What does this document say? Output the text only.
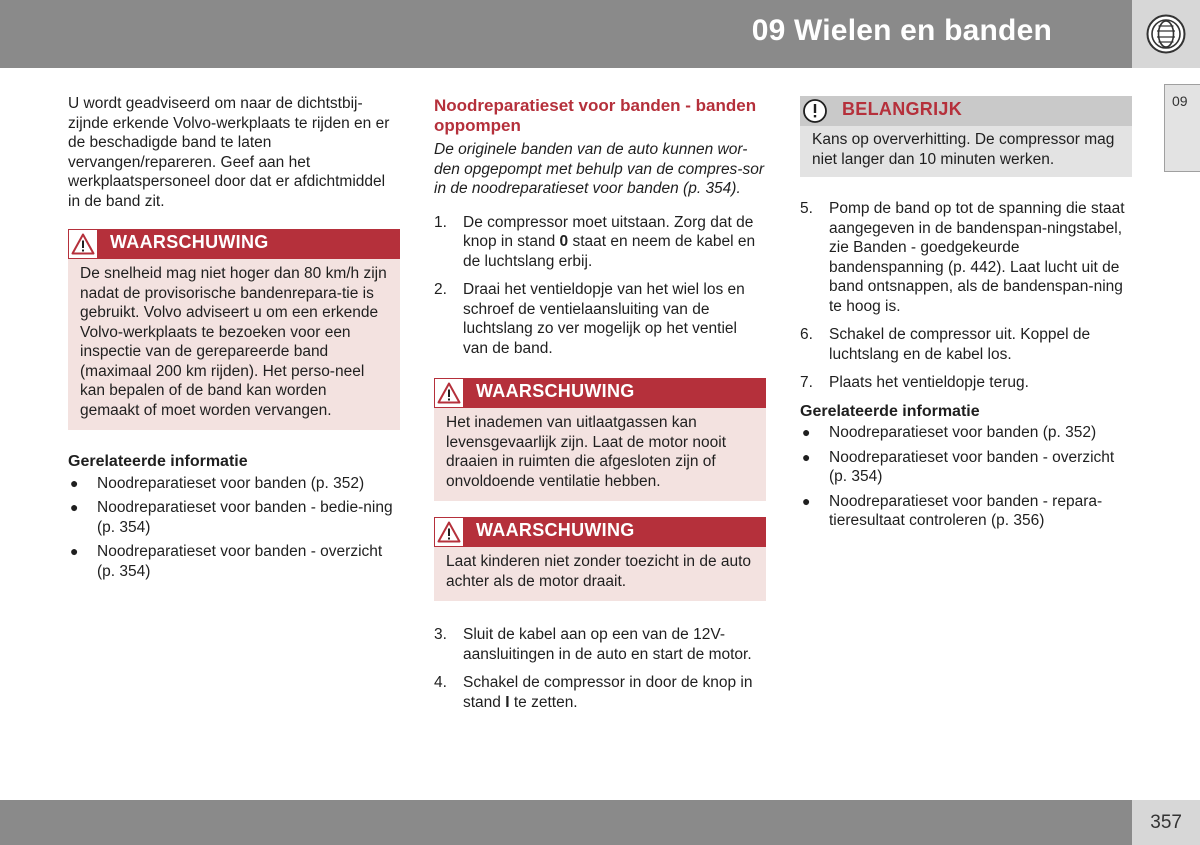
09 Wielen en banden
09

U wordt geadviseerd om naar de dichtstbij-zijnde erkende Volvo-werkplaats te rijden en er de beschadigde band te laten vervangen/repareren. Geef aan het werkplaatspersoneel door dat er afdichtmiddel in de band zit.

WAARSCHUWING
De snelheid mag niet hoger dan 80 km/h zijn nadat de provisorische bandenrepara-tie is gebruikt. Volvo adviseert u om een erkende Volvo-werkplaats te bezoeken voor een inspectie van de gerepareerde band (maximaal 200 km rijden). Het perso-neel kan bepalen of de band kan worden gemaakt of moet worden vervangen.
Gerelateerde informatie
● Noodreparatieset voor banden (p. 352)
● Noodreparatieset voor banden - bedie-ning (p. 354)
● Noodreparatieset voor banden - overzicht (p. 354)
Noodreparatieset voor banden - banden oppompen

De originele banden van de auto kunnen wor-den opgepompt met behulp van de compres-sor in de noodreparatieset voor banden (p. 354).

1. De compressor moet uitstaan. Zorg dat de knop in stand 0 staat en neem de kabel en de luchtslang erbij.
2. Draai het ventieldopje van het wiel los en schroef de ventielaansluiting van de luchtslang zo ver mogelijk op het ventiel van de band.
WAARSCHUWING
Het inademen van uitlaatgassen kan levensgevaarlijk zijn. Laat de motor nooit draaien in ruimten die afgesloten zijn of onvoldoende ventilatie hebben.
WAARSCHUWING
Laat kinderen niet zonder toezicht in de auto achter als de motor draait.
3. Sluit de kabel aan op een van de 12V-aansluitingen in de auto en start de motor.
4. Schakel de compressor in door de knop in stand I te zetten.
BELANGRIJK
Kans op oververhitting. De compressor mag niet langer dan 10 minuten werken.
5. Pomp de band op tot de spanning die staat aangegeven in de bandenspan-ningstabel, zie Banden - goedgekeurde bandenspanning (p. 442). Laat lucht uit de band ontsnappen, als de bandenspan-ning te hoog is.
6. Schakel de compressor uit. Koppel de luchtslang en de kabel los.
7. Plaats het ventieldopje terug.
Gerelateerde informatie
● Noodreparatieset voor banden (p. 352)
● Noodreparatieset voor banden - overzicht (p. 354)
● Noodreparatieset voor banden - repara-tieresultaat controleren (p. 356)
357
